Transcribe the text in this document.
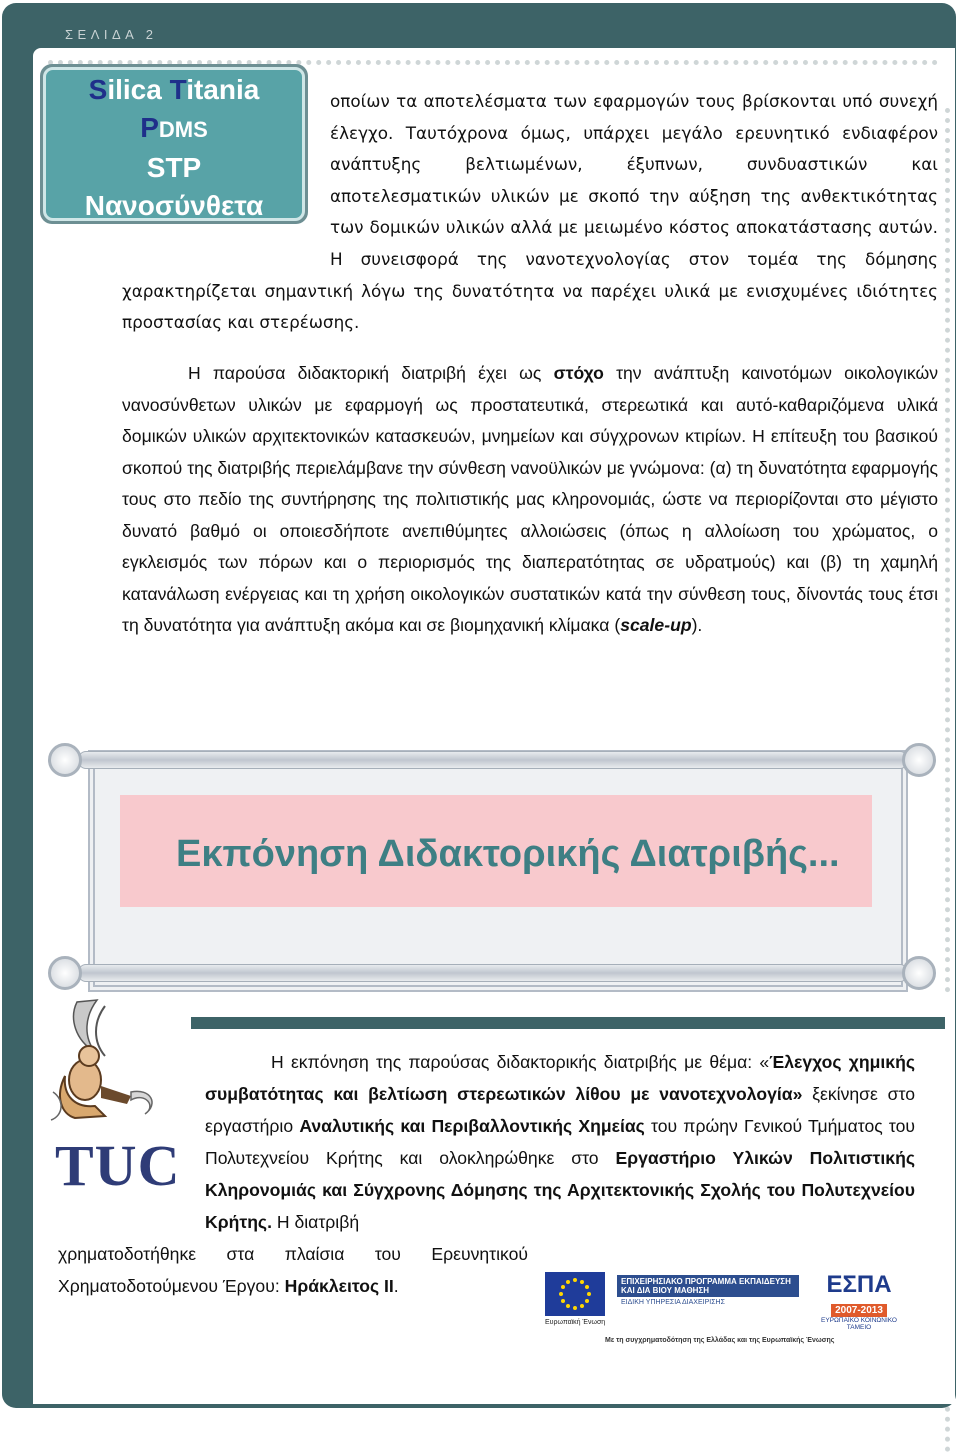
ΣΕΛΙΔΑ 2
Silica Titania
PDMS
STP
Νανοσύνθετα
οποίων τα αποτελέσματα των εφαρμογών τους βρίσκονται υπό συνεχή έλεγχο. Ταυτόχρονα όμως, υπάρχει μεγάλο ερευνητικό ενδιαφέρον ανάπτυξης βελτιωμένων, έξυπνων, συνδυαστικών και αποτελεσματικών υλικών με σκοπό την αύξηση της ανθεκτικότητας των δομικών υλικών αλλά με μειωμένο κόστος αποκατάστασης αυτών. Η συνεισφορά της νανοτεχνολογίας στον τομέα της δόμησης χαρακτηρίζεται σημαντική λόγω της δυνατότητα να παρέχει υλικά με ενισχυμένες ιδιότητες προστασίας και στερέωσης.
Η παρούσα διδακτορική διατριβή έχει ως στόχο την ανάπτυξη καινοτόμων οικολογικών νανοσύνθετων υλικών με εφαρμογή ως προστατευτικά, στερεωτικά και αυτό-καθαριζόμενα υλικά δομικών υλικών αρχιτεκτονικών κατασκευών, μνημείων και σύγχρονων κτιρίων. Η επίτευξη του βασικού σκοπού της διατριβής περιελάμβανε την σύνθεση νανοϋλικών με γνώμονα: (α) τη δυνατότητα εφαρμογής τους στο πεδίο της συντήρησης της πολιτιστικής μας κληρονομιάς, ώστε να περιορίζονται στο μέγιστο δυνατό βαθμό οι οποιεσδήποτε ανεπιθύμητες αλλοιώσεις (όπως η αλλοίωση του χρώματος, ο εγκλεισμός των πόρων και ο περιορισμός της διαπερατότητας σε υδρατμούς) και (β) τη χαμηλή κατανάλωση ενέργειας και τη χρήση οικολογικών συστατικών κατά την σύνθεση τους, δίνοντάς τους έτσι τη δυνατότητα για ανάπτυξη ακόμα και σε βιομηχανική κλίμακα (scale-up).
Εκπόνηση Διδακτορικής Διατριβής...
TUC
Η εκπόνηση της παρούσας διδακτορικής διατριβής με θέμα: «Έλεγχος χημικής συμβατότητας και βελτίωση στερεωτικών λίθου με νανοτεχνολογία» ξεκίνησε στο εργαστήριο Αναλυτικής και Περιβαλλοντικής Χημείας του πρώην Γενικού Τμήματος του Πολυτεχνείου Κρήτης και ολοκληρώθηκε στο Εργαστήριο Υλικών Πολιτιστικής Κληρονομιάς και Σύγχρονης Δόμησης της Αρχιτεκτονικής Σχολής του Πολυτεχνείου Κρήτης. Η διατριβή
χρηματοδοτήθηκε στα πλαίσια του Ερευνητικού Χρηματοδοτούμενου Έργου: Ηράκλειτος ΙΙ.
Ευρωπαϊκή Ένωση
ΕΠΙΧΕΙΡΗΣΙΑΚΟ ΠΡΟΓΡΑΜΜΑ ΕΚΠΑΙΔΕΥΣΗ ΚΑΙ ΔΙΑ ΒΙΟΥ ΜΑΘΗΣΗ
ΕΙΔΙΚΗ ΥΠΗΡΕΣΙΑ ΔΙΑΧΕΙΡΙΣΗΣ
ΕΣΠΑ
2007-2013
ΕΥΡΩΠΑΪΚΟ ΚΟΙΝΩΝΙΚΟ ΤΑΜΕΙΟ
Με τη συγχρηματοδότηση της Ελλάδας και της Ευρωπαϊκής Ένωσης
